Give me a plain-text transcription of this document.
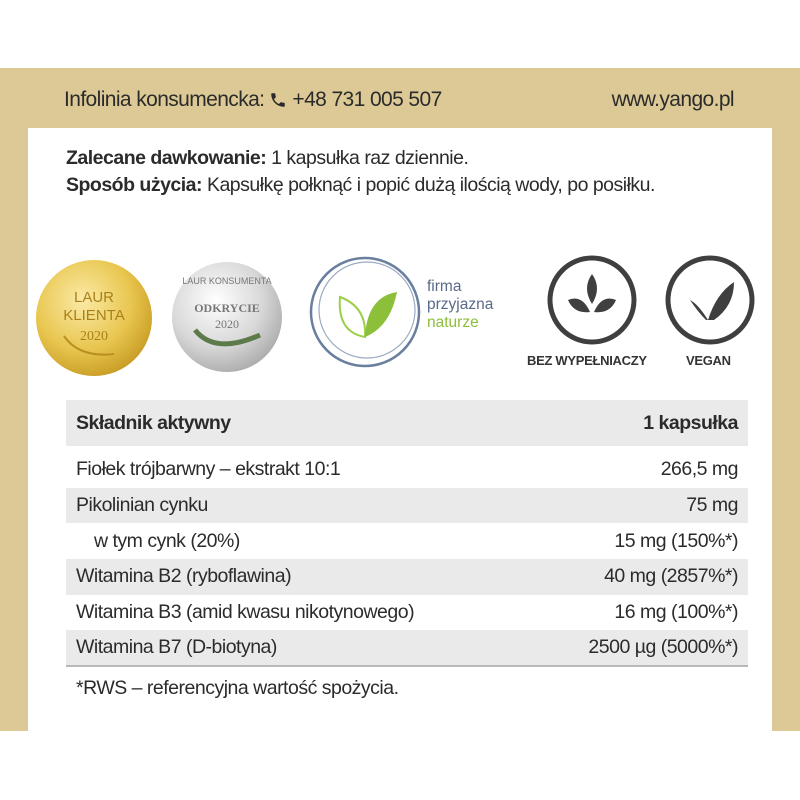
Infolinia konsumencka: +48 731 005 507	www.yango.pl
Zalecane dawkowanie: 1 kapsułka raz dziennie.
Sposób użycia: Kapsułkę połknąć i popić dużą ilością wody, po posiłku.
LAUR
KLIENTA
2020
LAUR KONSUMENTA
ODKRYCIE
2020
firma
przyjazna
naturze
BEZ WYPEŁNIACZY	VEGAN
Składnik aktywny	1 kapsułka

Fiołek trójbarwny – ekstrakt 10:1	266,5 mg
Pikolinian cynku	75 mg
w tym cynk (20%)	15 mg (150%*)
Witamina B2 (ryboflawina)	40 mg (2857%*)
Witamina B3 (amid kwasu nikotynowego)	16 mg (100%*)
Witamina B7 (D-biotyna)	2500 µg (5000%*)
*RWS – referencyjna wartość spożycia.
